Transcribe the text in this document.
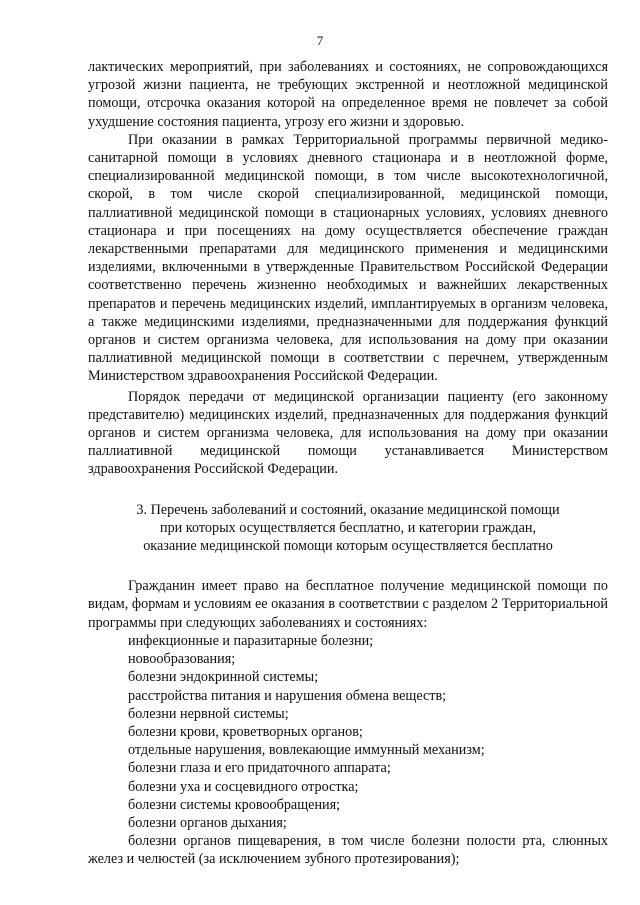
7

лактических мероприятий, при заболеваниях и состояниях, не сопровождающихся угрозой жизни пациента, не требующих экстренной и неотложной медицинской помощи, отсрочка оказания которой на определенное время не повлечет за собой ухудшение состояния пациента, угрозу его жизни и здоровью.

При оказании в рамках Территориальной программы первичной медико-санитарной помощи в условиях дневного стационара и в неотложной форме, специализированной медицинской помощи, в том числе высокотехнологичной, скорой, в том числе скорой специализированной, медицинской помощи, паллиативной медицинской помощи в стационарных условиях, условиях дневного стационара и при посещениях на дому осуществляется обеспечение граждан лекарственными препаратами для медицинского применения и медицинскими изделиями, включенными в утвержденные Правительством Российской Федерации соответственно перечень жизненно необходимых и важнейших лекарственных препаратов и перечень медицинских изделий, имплантируемых в организм человека, а также медицинскими изделиями, предназначенными для поддержания функций органов и систем организма человека, для использования на дому при оказании паллиативной медицинской помощи в соответствии с перечнем, утвержденным Министерством здравоохранения Российской Федерации.

Порядок передачи от медицинской организации пациенту (его законному представителю) медицинских изделий, предназначенных для поддержания функций органов и систем организма человека, для использования на дому при оказании паллиативной медицинской помощи устанавливается Министерством здравоохранения Российской Федерации.

3. Перечень заболеваний и состояний, оказание медицинской помощи
при которых осуществляется бесплатно, и категории граждан,
оказание медицинской помощи которым осуществляется бесплатно

Гражданин имеет право на бесплатное получение медицинской помощи по видам, формам и условиям ее оказания в соответствии с разделом 2 Территориальной программы при следующих заболеваниях и состояниях:

инфекционные и паразитарные болезни;
новообразования;
болезни эндокринной системы;
расстройства питания и нарушения обмена веществ;
болезни нервной системы;
болезни крови, кроветворных органов;
отдельные нарушения, вовлекающие иммунный механизм;
болезни глаза и его придаточного аппарата;
болезни уха и сосцевидного отростка;
болезни системы кровообращения;
болезни органов дыхания;
болезни органов пищеварения, в том числе болезни полости рта, слюнных желез и челюстей (за исключением зубного протезирования);
